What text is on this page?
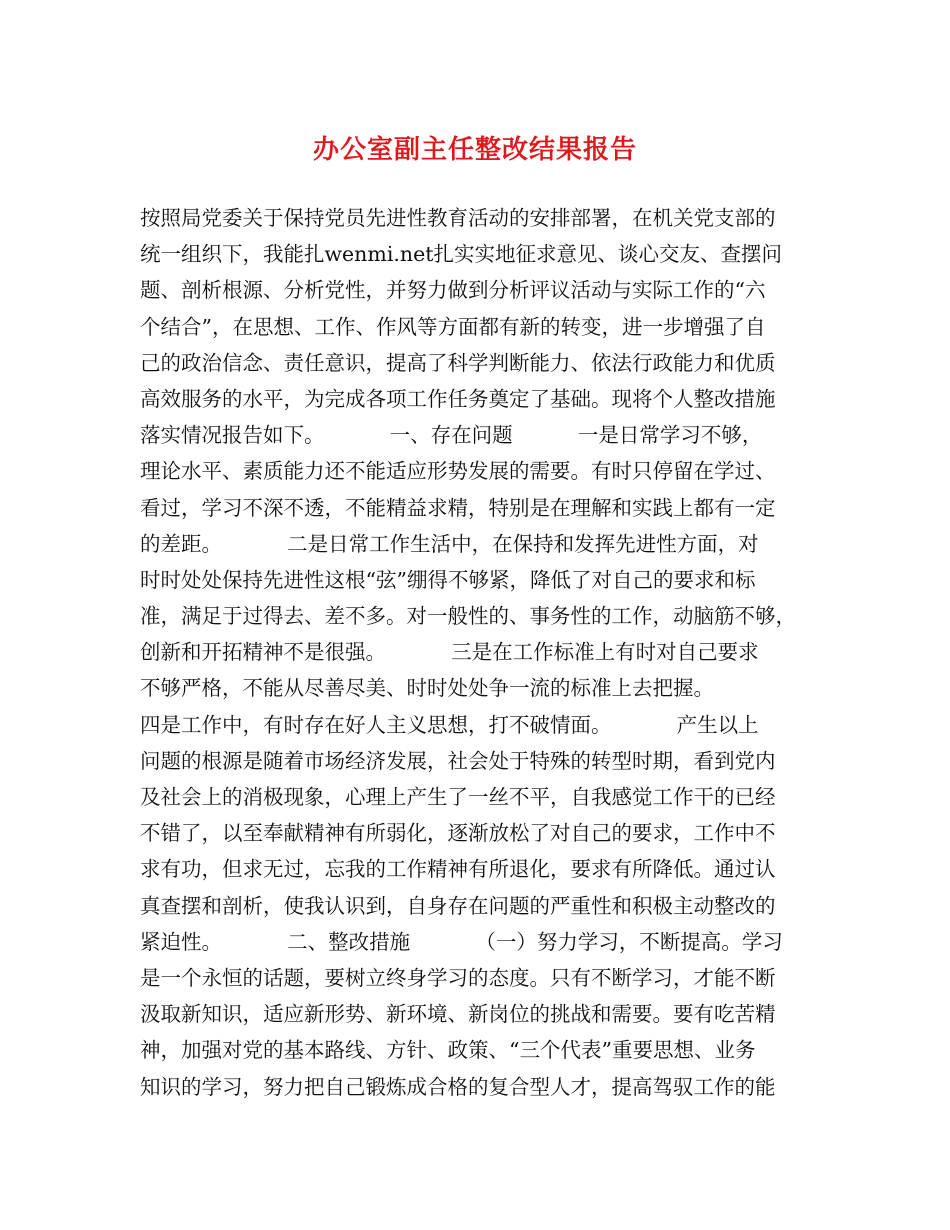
办公室副主任整改结果报告
按照局党委关于保持党员先进性教育活动的安排部署，在机关党支部的
统一组织下，我能扎wenmi.net扎实实地征求意见、谈心交友、查摆问
题、剖析根源、分析党性，并努力做到分析评议活动与实际工作的“六
个结合”，在思想、工作、作风等方面都有新的转变，进一步增强了自
己的政治信念、责任意识，提高了科学判断能力、依法行政能力和优质
高效服务的水平，为完成各项工作任务奠定了基础。现将个人整改措施
落实情况报告如下。          一、存在问题          一是日常学习不够，
理论水平、素质能力还不能适应形势发展的需要。有时只停留在学过、
看过，学习不深不透，不能精益求精，特别是在理解和实践上都有一定
的差距。          二是日常工作生活中，在保持和发挥先进性方面，对
时时处处保持先进性这根“弦”绷得不够紧，降低了对自己的要求和标
准，满足于过得去、差不多。对一般性的、事务性的工作，动脑筋不够，
创新和开拓精神不是很强。          三是在工作标准上有时对自己要求
不够严格，不能从尽善尽美、时时处处争一流的标准上去把握。
四是工作中，有时存在好人主义思想，打不破情面。          产生以上
问题的根源是随着市场经济发展，社会处于特殊的转型时期，看到党内
及社会上的消极现象，心理上产生了一丝不平，自我感觉工作干的已经
不错了，以至奉献精神有所弱化，逐渐放松了对自己的要求，工作中不
求有功，但求无过，忘我的工作精神有所退化，要求有所降低。通过认
真查摆和剖析，使我认识到，自身存在问题的严重性和积极主动整改的
紧迫性。          二、整改措施          （一）努力学习，不断提高。学习
是一个永恒的话题，要树立终身学习的态度。只有不断学习，才能不断
汲取新知识，适应新形势、新环境、新岗位的挑战和需要。要有吃苦精
神，加强对党的基本路线、方针、政策、“三个代表”重要思想、业务
知识的学习，努力把自己锻炼成合格的复合型人才，提高驾驭工作的能
